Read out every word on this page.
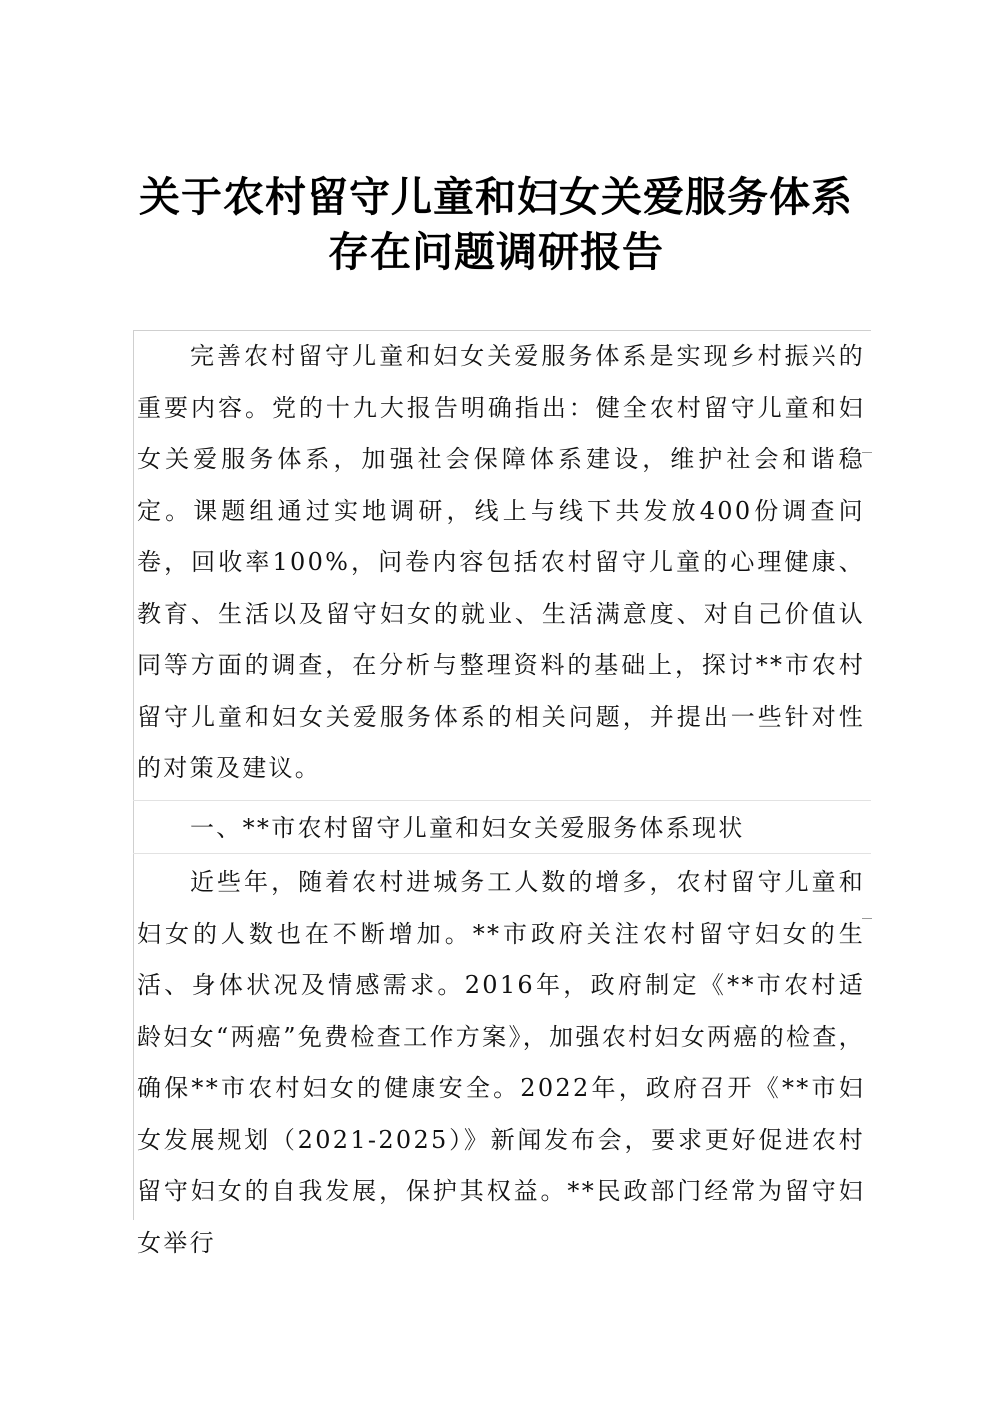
关于农村留守儿童和妇女关爱服务体系存在问题调研报告

完善农村留守儿童和妇女关爱服务体系是实现乡村振兴的重要内容。党的十九大报告明确指出：健全农村留守儿童和妇女关爱服务体系，加强社会保障体系建设，维护社会和谐稳定。课题组通过实地调研，线上与线下共发放400份调查问卷，回收率100%，问卷内容包括农村留守儿童的心理健康、教育、生活以及留守妇女的就业、生活满意度、对自己价值认同等方面的调查，在分析与整理资料的基础上，探讨**市农村留守儿童和妇女关爱服务体系的相关问题，并提出一些针对性的对策及建议。

一、**市农村留守儿童和妇女关爱服务体系现状

近些年，随着农村进城务工人数的增多，农村留守儿童和妇女的人数也在不断增加。**市政府关注农村留守妇女的生活、身体状况及情感需求。2016年，政府制定《**市农村适龄妇女“两癌”免费检查工作方案》，加强农村妇女两癌的检查，确保**市农村妇女的健康安全。2022年，政府召开《**市妇女发展规划（2021-2025）》新闻发布会，要求更好促进农村留守妇女的自我发展，保护其权益。**民政部门经常为留守妇女举行
